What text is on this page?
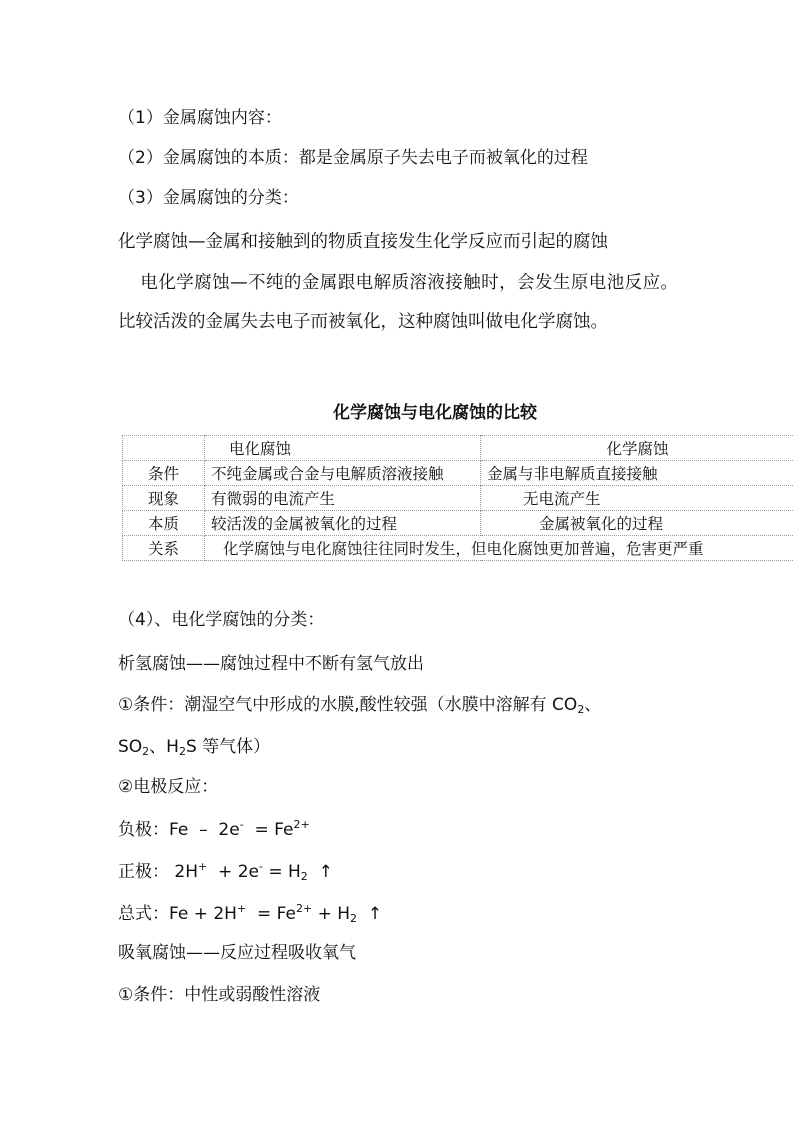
（1）金属腐蚀内容：
（2）金属腐蚀的本质：都是金属原子失去电子而被氧化的过程
（3）金属腐蚀的分类：
化学腐蚀—金属和接触到的物质直接发生化学反应而引起的腐蚀
电化学腐蚀—不纯的金属跟电解质溶液接触时，会发生原电池反应。比较活泼的金属失去电子而被氧化，这种腐蚀叫做电化学腐蚀。
化学腐蚀与电化腐蚀的比较
	电化腐蚀	化学腐蚀
条件	不纯金属或合金与电解质溶液接触	金属与非电解质直接接触
现象	有微弱的电流产生	无电流产生
本质	较活泼的金属被氧化的过程	金属被氧化的过程
关系	化学腐蚀与电化腐蚀往往同时发生，但电化腐蚀更加普遍，危害更严重	
（4）、电化学腐蚀的分类：
析氢腐蚀——腐蚀过程中不断有氢气放出
①条件：潮湿空气中形成的水膜,酸性较强（水膜中溶解有 $CO_2$、
$SO_2$、$H_2S$ 等气体）
②电极反应：
负极：$Fe - 2e^- = Fe^{2+}$
正极： $2H^+ + 2e^- = H_2$  ↑
总式：$Fe + 2H^+ = Fe^{2+} + H_2$  ↑
吸氧腐蚀——反应过程吸收氧气
①条件：中性或弱酸性溶液
